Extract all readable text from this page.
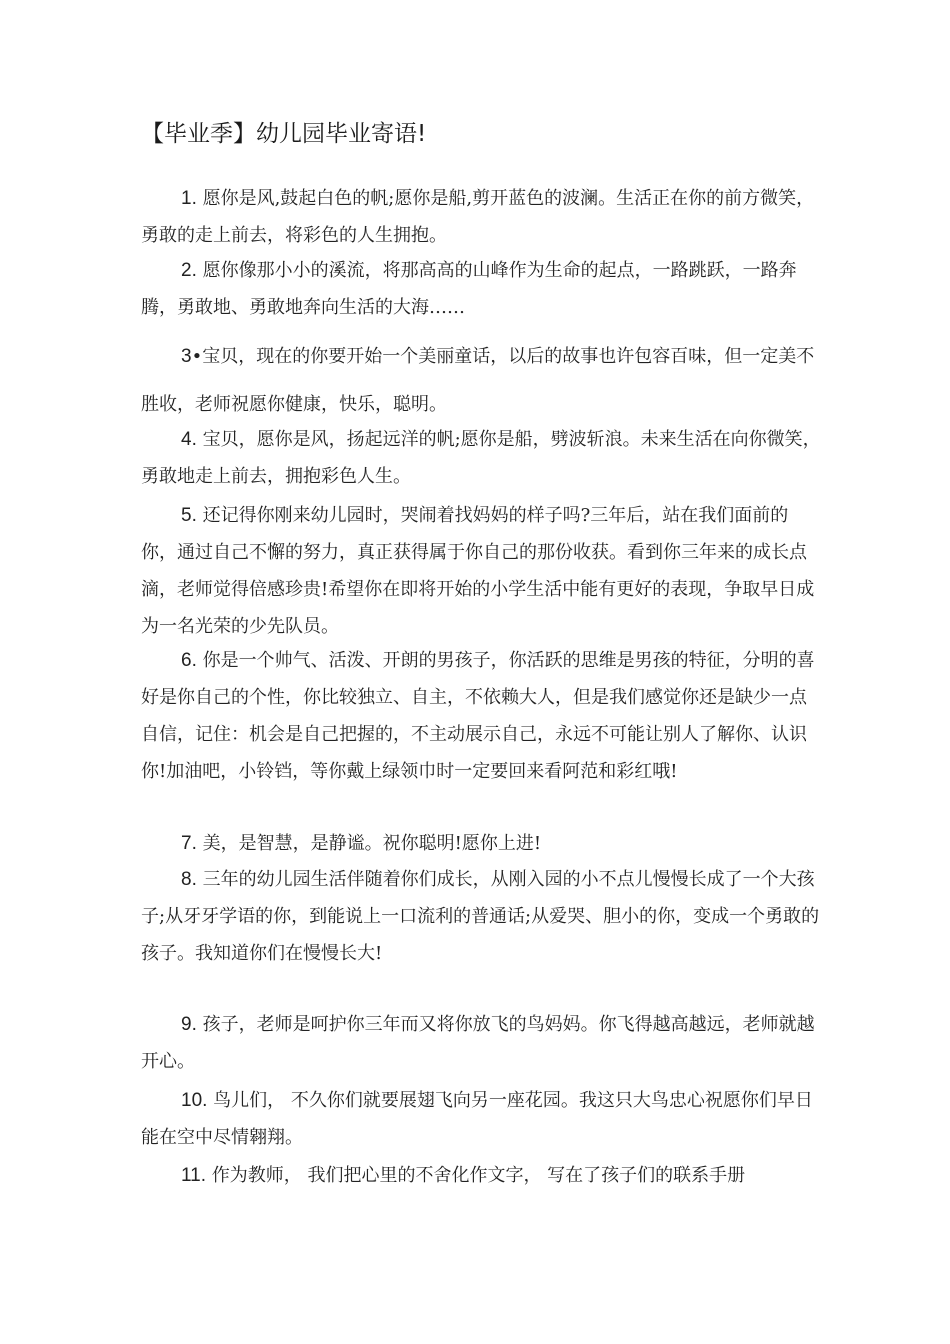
【毕业季】幼儿园毕业寄语!

1. 愿你是风,鼓起白色的帆;愿你是船,剪开蓝色的波澜。生活正在你的前方微笑，勇敢的走上前去，将彩色的人生拥抱。

2. 愿你像那小小的溪流，将那高高的山峰作为生命的起点，一路跳跃，一路奔腾，勇敢地、勇敢地奔向生活的大海……

3•宝贝，现在的你要开始一个美丽童话，以后的故事也许包容百味，但一定美不胜收，老师祝愿你健康，快乐，聪明。

4. 宝贝，愿你是风，扬起远洋的帆;愿你是船，劈波斩浪。未来生活在向你微笑，勇敢地走上前去，拥抱彩色人生。

5. 还记得你刚来幼儿园时，哭闹着找妈妈的样子吗?三年后，站在我们面前的你，通过自己不懈的努力，真正获得属于你自己的那份收获。看到你三年来的成长点滴，老师觉得倍感珍贵!希望你在即将开始的小学生活中能有更好的表现，争取早日成为一名光荣的少先队员。

6. 你是一个帅气、活泼、开朗的男孩子，你活跃的思维是男孩的特征，分明的喜好是你自己的个性，你比较独立、自主，不依赖大人，但是我们感觉你还是缺少一点自信，记住：机会是自己把握的，不主动展示自己，永远不可能让别人了解你、认识你!加油吧，小铃铛，等你戴上绿领巾时一定要回来看阿范和彩红哦!

7. 美，是智慧，是静谧。祝你聪明!愿你上进!

8. 三年的幼儿园生活伴随着你们成长，从刚入园的小不点儿慢慢长成了一个大孩子;从牙牙学语的你，到能说上一口流利的普通话;从爱哭、胆小的你，变成一个勇敢的孩子。我知道你们在慢慢长大!

9. 孩子，老师是呵护你三年而又将你放飞的鸟妈妈。你飞得越高越远，老师就越开心。

10. 鸟儿们， 不久你们就要展翅飞向另一座花园。我这只大鸟忠心祝愿你们早日能在空中尽情翱翔。

11. 作为教师， 我们把心里的不舍化作文字， 写在了孩子们的联系手册
